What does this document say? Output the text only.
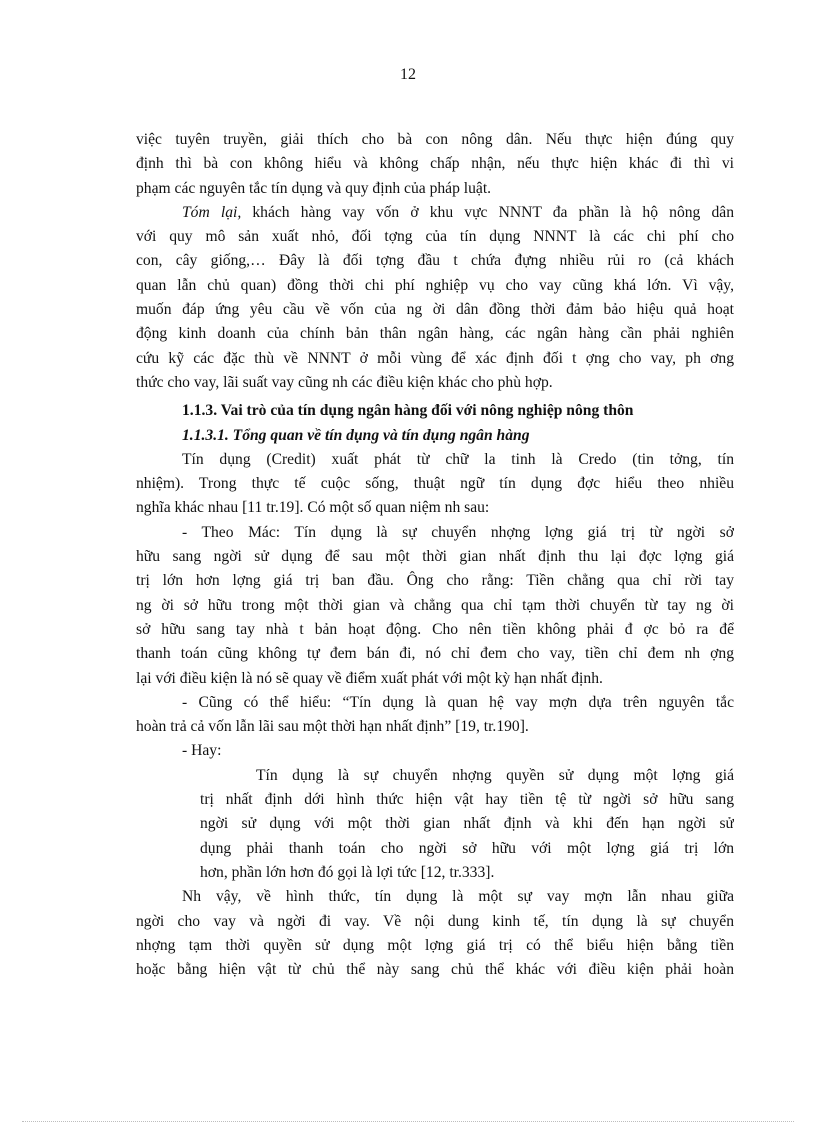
12
việc tuyên truyền, giải thích cho bà con nông dân. Nếu thực hiện đúng quy
định thì bà con không hiểu và không chấp nhận, nếu thực hiện khác đi thì vi
phạm các nguyên tắc tín dụng và quy định của pháp luật.
Tóm lại, khách hàng vay vốn ở khu vực NNNT đa phần là hộ nông dân
với quy mô sản xuất nhỏ, đối tợng của tín dụng NNNT là các chi phí cho
con, cây giống,… Đây là đối tợng đầu t chứa đựng nhiều rủi ro (cả khách
quan lẫn chủ quan) đồng thời chi phí nghiệp vụ cho vay cũng khá lớn. Vì vậy,
muốn đáp ứng yêu cầu về vốn của ng ời dân đồng thời đảm bảo hiệu quả hoạt
động kinh doanh của chính bản thân ngân hàng, các ngân hàng cần phải nghiên
cứu kỹ các đặc thù về NNNT ở mỗi vùng để xác định đối t ợng cho vay, ph ơng
thức cho vay, lãi suất vay cũng nh các điều kiện khác cho phù hợp.
1.1.3. Vai trò của tín dụng ngân hàng đối với nông nghiệp nông thôn
1.1.3.1. Tổng quan về tín dụng và tín dụng ngân hàng
Tín dụng (Credit) xuất phát từ chữ la tinh là Credo (tin tởng, tín
nhiệm). Trong thực tế cuộc sống, thuật ngữ tín dụng đợc hiểu theo nhiều
nghĩa khác nhau [11 tr.19]. Có một số quan niệm nh sau:
- Theo Mác: Tín dụng là sự chuyển nhợng lợng giá trị từ ngời sở
hữu sang ngời sử dụng để sau một thời gian nhất định thu lại đợc lợng giá
trị lớn hơn lợng giá trị ban đầu. Ông cho rằng: Tiền chẳng qua chỉ rời tay
ng ời sở hữu trong một thời gian và chẳng qua chỉ tạm thời chuyển từ tay ng ời
sở hữu sang tay nhà t bản hoạt động. Cho nên tiền không phải đ ợc bỏ ra để
thanh toán cũng không tự đem bán đi, nó chỉ đem cho vay, tiền chỉ đem nh ợng
lại với điều kiện là nó sẽ quay về điểm xuất phát với một kỳ hạn nhất định.
- Cũng có thể hiểu: “Tín dụng là quan hệ vay mợn dựa trên nguyên tắc
hoàn trả cả vốn lẫn lãi sau một thời hạn nhất định” [19, tr.190].
- Hay:
Tín dụng là sự chuyển nhợng quyền sử dụng một lợng giá
trị nhất định dới hình thức hiện vật hay tiền tệ từ ngời sở hữu sang
ngời sử dụng với một thời gian nhất định và khi đến hạn ngời sử
dụng phải thanh toán cho ngời sở hữu với một lợng giá trị lớn
hơn, phần lớn hơn đó gọi là lợi tức [12, tr.333].
Nh vậy, về hình thức, tín dụng là một sự vay mợn lẫn nhau giữa
ngời cho vay và ngời đi vay. Về nội dung kinh tế, tín dụng là sự chuyển
nhợng tạm thời quyền sử dụng một lợng giá trị có thể biểu hiện bằng tiền
hoặc bằng hiện vật từ chủ thể này sang chủ thể khác với điều kiện phải hoàn
